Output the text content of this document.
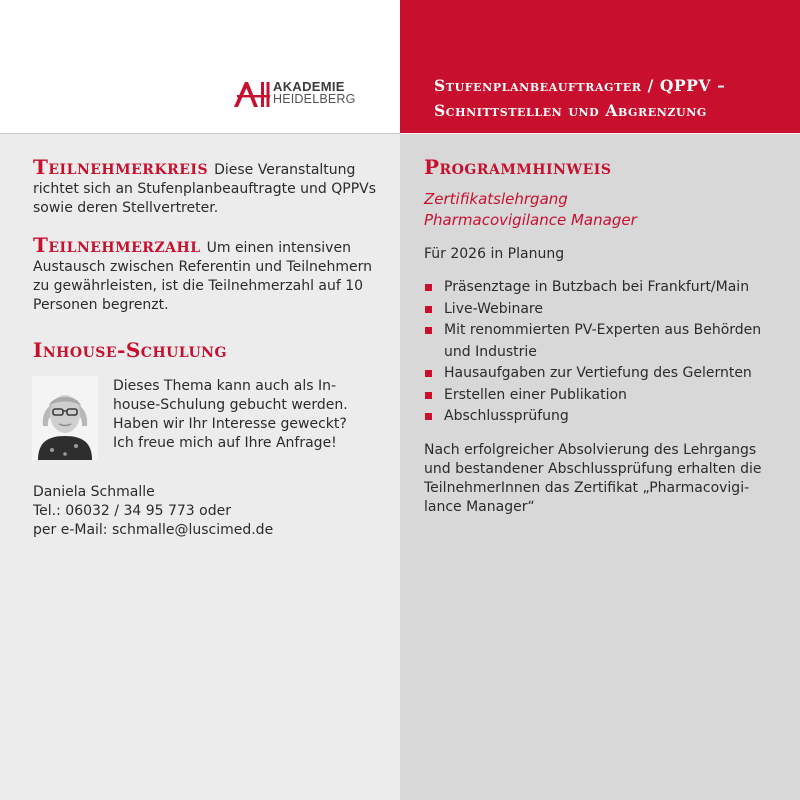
AKADEMIE
HEIDELBERG
Stufenplanbeauftragter / QPPV –
Schnittstellen und Abgrenzung

Teilnehmerkreis Diese Veranstaltung richtet sich an Stufenplanbeauftragte und QPPVs sowie deren Stellvertreter.

Teilnehmerzahl Um einen intensiven Austausch zwischen Referentin und Teilnehmern zu gewährleisten, ist die Teilnehmerzahl auf 10 Personen begrenzt.

Inhouse-Schulung

Dieses Thema kann auch als In-
house-Schulung gebucht werden.
Haben wir Ihr Interesse geweckt?
Ich freue mich auf Ihre Anfrage!

Daniela Schmalle
Tel.: 06032 / 34 95 773 oder
per e-Mail: schmalle@luscimed.de

Programmhinweis

Zertifikatslehrgang
Pharmacovigilance Manager

Für 2026 in Planung

Präsenztage in Butzbach bei Frankfurt/Main
Live-Webinare
Mit renommierten PV-Experten aus Behörden und Industrie
Hausaufgaben zur Vertiefung des Gelernten
Erstellen einer Publikation
Abschlussprüfung

Nach erfolgreicher Absolvierung des Lehrgangs
und bestandener Abschlussprüfung erhalten die
TeilnehmerInnen das Zertifikat „Pharmacovigi-
lance Manager“
